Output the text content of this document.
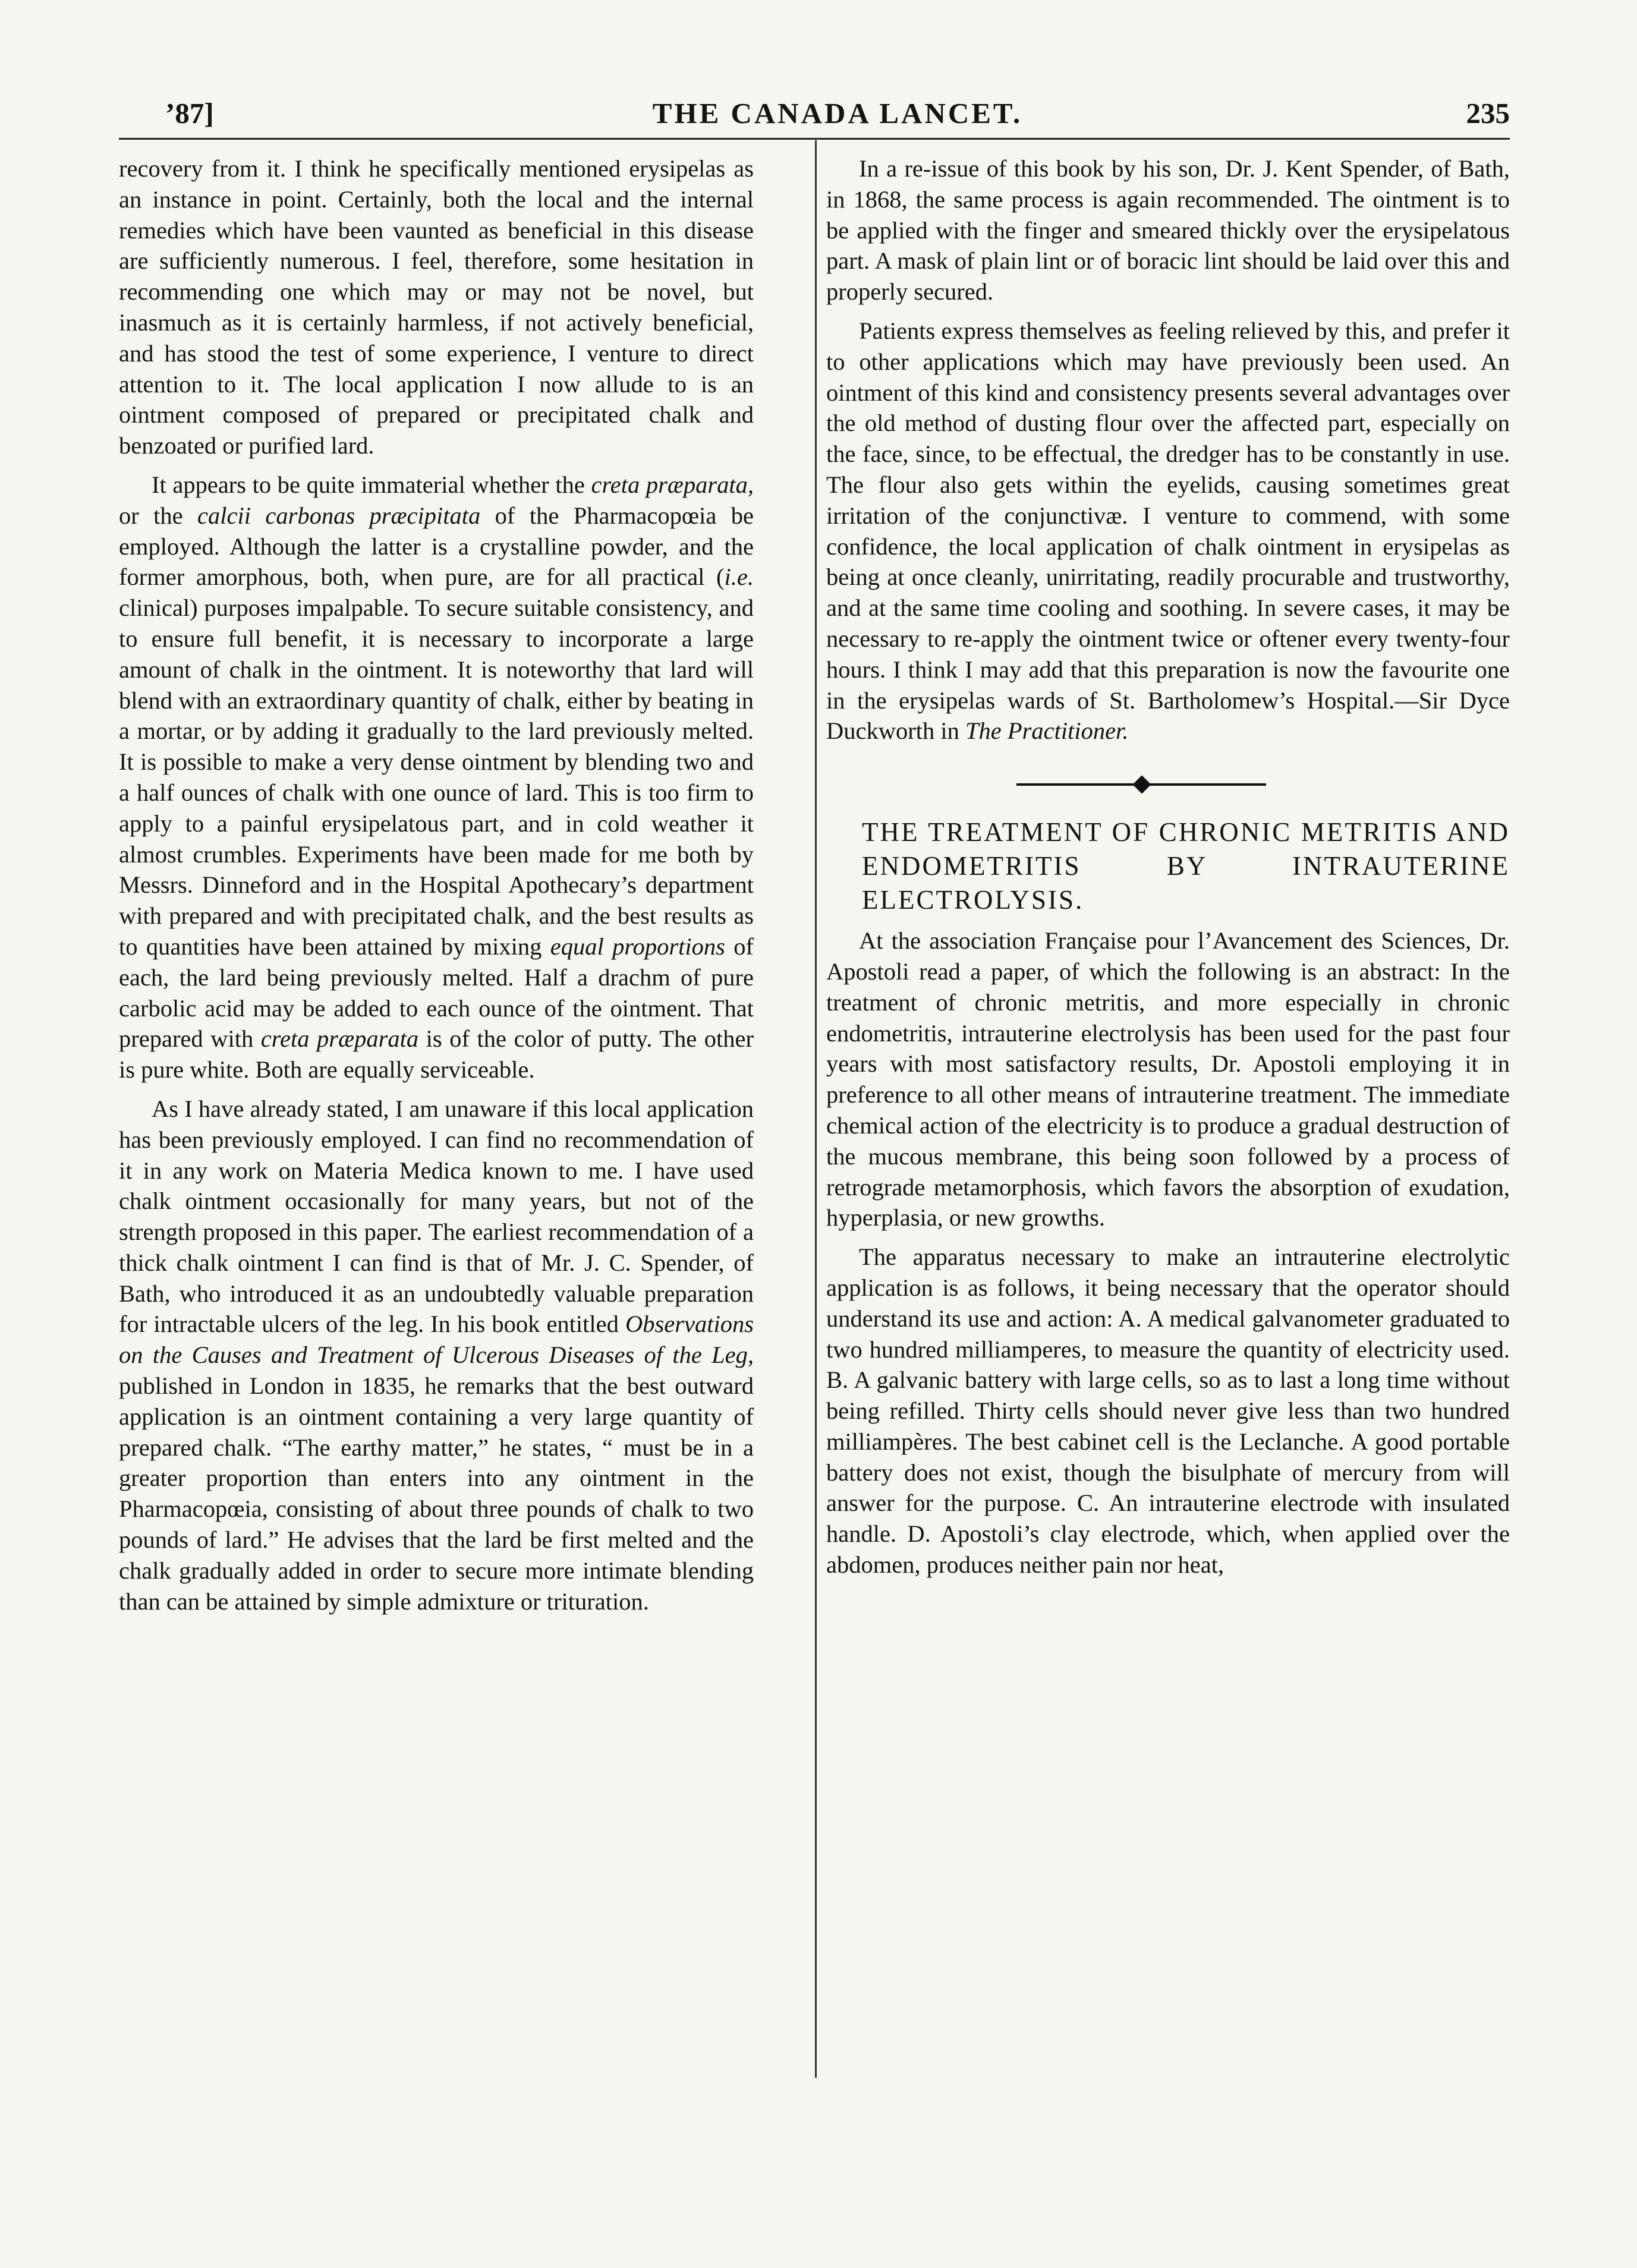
’87]	THE CANADA LANCET.	235

recovery from it. I think he specifically mentioned erysipelas as an instance in point. Certainly, both the local and the internal remedies which have been vaunted as beneficial in this disease are sufficiently numerous. I feel, therefore, some hesitation in recommending one which may or may not be novel, but inasmuch as it is certainly harmless, if not actively beneficial, and has stood the test of some experience, I venture to direct attention to it. The local application I now allude to is an ointment composed of prepared or precipitated chalk and benzoated or purified lard.

It appears to be quite immaterial whether the creta præparata, or the calcii carbonas præcipitata of the Pharmacopœia be employed. Although the latter is a crystalline powder, and the former amorphous, both, when pure, are for all practical (i.e. clinical) purposes impalpable. To secure suitable consistency, and to ensure full benefit, it is necessary to incorporate a large amount of chalk in the ointment. It is noteworthy that lard will blend with an extraordinary quantity of chalk, either by beating in a mortar, or by adding it gradually to the lard previously melted. It is possible to make a very dense ointment by blending two and a half ounces of chalk with one ounce of lard. This is too firm to apply to a painful erysipelatous part, and in cold weather it almost crumbles. Experiments have been made for me both by Messrs. Dinneford and in the Hospital Apothecary’s department with prepared and with precipitated chalk, and the best results as to quantities have been attained by mixing equal proportions of each, the lard being previously melted. Half a drachm of pure carbolic acid may be added to each ounce of the ointment. That prepared with creta præparata is of the color of putty. The other is pure white. Both are equally serviceable.

As I have already stated, I am unaware if this local application has been previously employed. I can find no recommendation of it in any work on Materia Medica known to me. I have used chalk ointment occasionally for many years, but not of the strength proposed in this paper. The earliest recommendation of a thick chalk ointment I can find is that of Mr. J. C. Spender, of Bath, who introduced it as an undoubtedly valuable preparation for intractable ulcers of the leg. In his book entitled Observations on the Causes and Treatment of Ulcerous Diseases of the Leg, published in London in 1835, he remarks that the best outward application is an ointment containing a very large quantity of prepared chalk. “The earthy matter,” he states, “ must be in a greater proportion than enters into any ointment in the Pharmacopœia, consisting of about three pounds of chalk to two pounds of lard.” He advises that the lard be first melted and the chalk gradually added in order to secure more intimate blending than can be attained by simple admixture or trituration.

In a re-issue of this book by his son, Dr. J. Kent Spender, of Bath, in 1868, the same process is again recommended. The ointment is to be applied with the finger and smeared thickly over the erysipelatous part. A mask of plain lint or of boracic lint should be laid over this and properly secured.

Patients express themselves as feeling relieved by this, and prefer it to other applications which may have previously been used. An ointment of this kind and consistency presents several advantages over the old method of dusting flour over the affected part, especially on the face, since, to be effectual, the dredger has to be constantly in use. The flour also gets within the eyelids, causing sometimes great irritation of the conjunctivæ. I venture to commend, with some confidence, the local application of chalk ointment in erysipelas as being at once cleanly, unirritating, readily procurable and trustworthy, and at the same time cooling and soothing. In severe cases, it may be necessary to re-apply the ointment twice or oftener every twenty-four hours. I think I may add that this preparation is now the favourite one in the erysipelas wards of St. Bartholomew’s Hospital.—Sir Dyce Duckworth in The Practitioner.

THE TREATMENT OF CHRONIC METRITIS AND ENDOMETRITIS BY INTRAUTERINE ELECTROLYSIS.

At the association Française pour l’Avancement des Sciences, Dr. Apostoli read a paper, of which the following is an abstract: In the treatment of chronic metritis, and more especially in chronic endometritis, intrauterine electrolysis has been used for the past four years with most satisfactory results, Dr. Apostoli employing it in preference to all other means of intrauterine treatment. The immediate chemical action of the electricity is to produce a gradual destruction of the mucous membrane, this being soon followed by a process of retrograde metamorphosis, which favors the absorption of exudation, hyperplasia, or new growths.

The apparatus necessary to make an intrauterine electrolytic application is as follows, it being necessary that the operator should understand its use and action: A. A medical galvanometer graduated to two hundred milliamperes, to measure the quantity of electricity used. B. A galvanic battery with large cells, so as to last a long time without being refilled. Thirty cells should never give less than two hundred milliampères. The best cabinet cell is the Leclanche. A good portable battery does not exist, though the bisulphate of mercury from will answer for the purpose. C. An intrauterine electrode with insulated handle. D. Apostoli’s clay electrode, which, when applied over the abdomen, produces neither pain nor heat,
